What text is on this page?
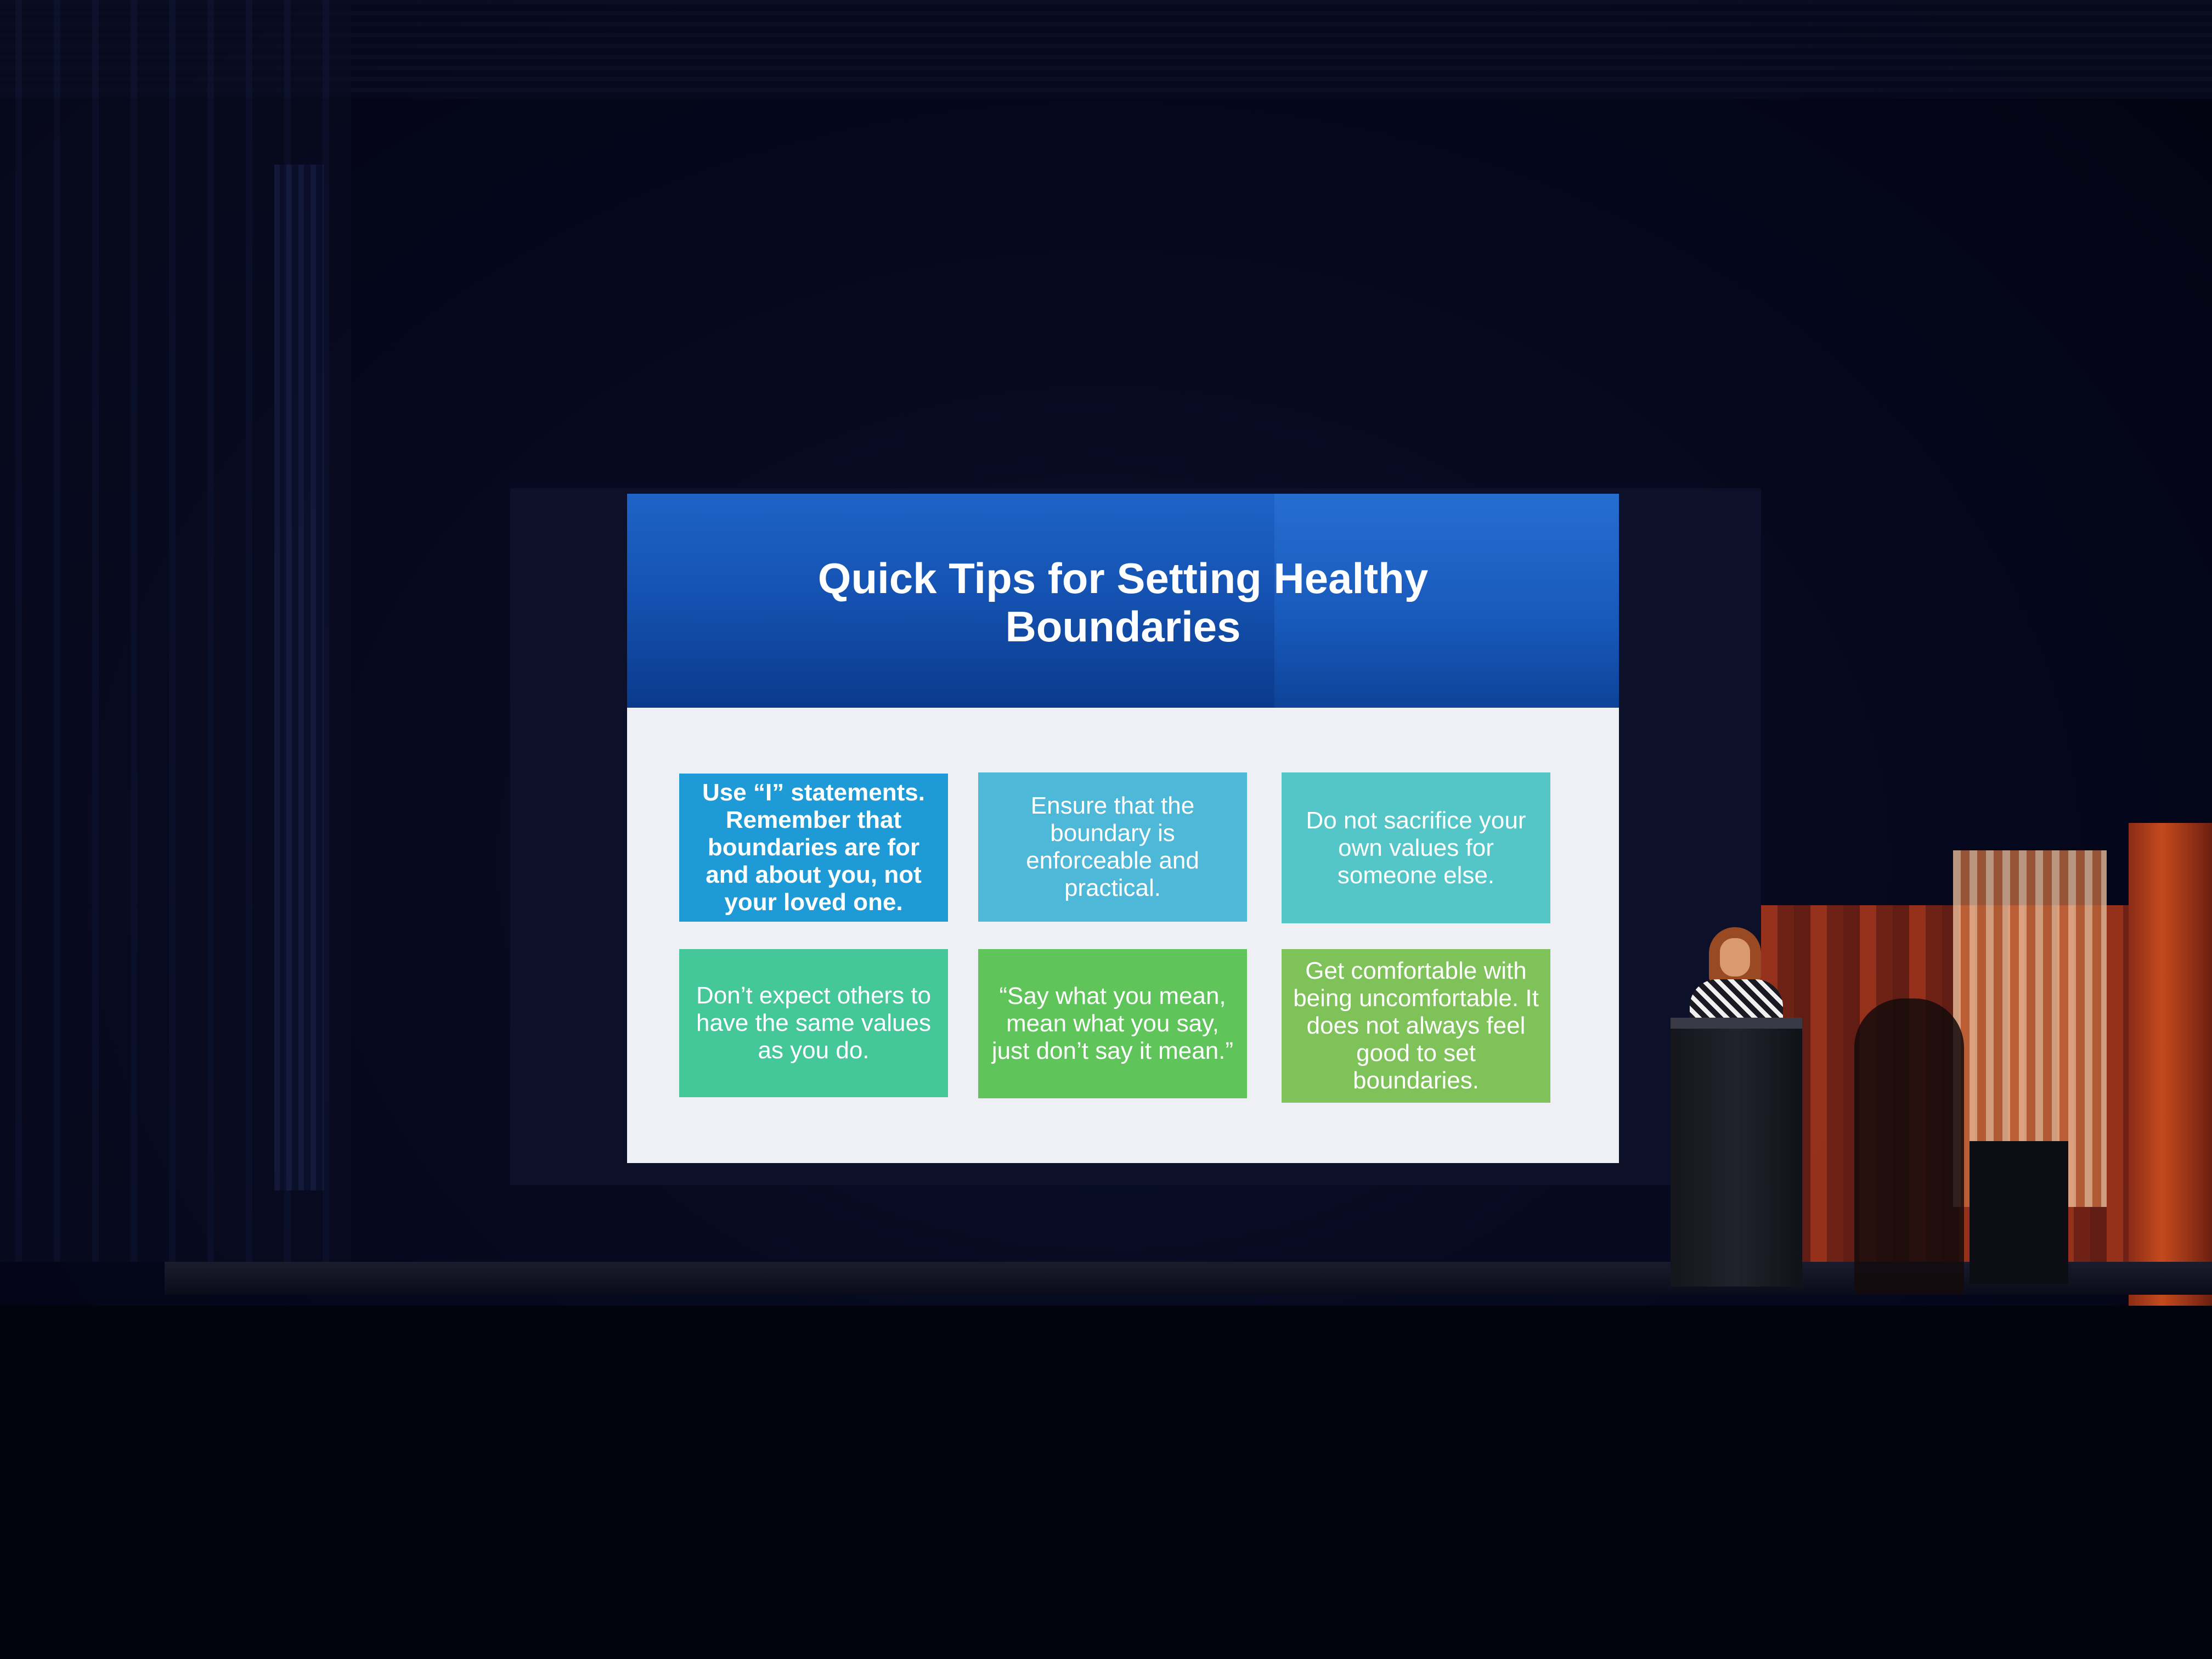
Quick Tips for Setting Healthy
Boundaries
Use “I” statements. Remember that boundaries are for and about you, not your loved one.
Ensure that the boundary is enforceable and practical.
Do not sacrifice your own values for someone else.
Don’t expect others to have the same values as you do.
“Say what you mean, mean what you say, just don’t say it mean.”
Get comfortable with being uncomfortable. It does not always feel good to set boundaries.
